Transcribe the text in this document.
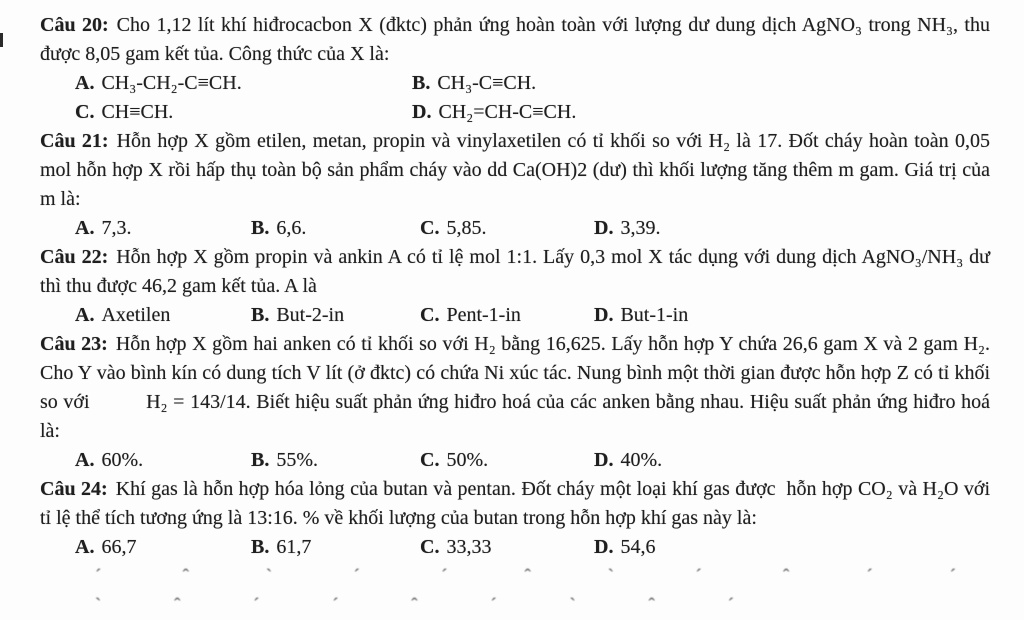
Câu 20: Cho 1,12 lít khí hiđrocacbon X (đktc) phản ứng hoàn toàn với lượng dư dung dịch AgNO₃ trong NH₃, thu được 8,05 gam kết tủa. Công thức của X là:

A. CH₃-CH₂-C≡CH.	B. CH₃-C≡CH.
C. CH≡CH.	D. CH₂=CH-C≡CH.

Câu 21: Hỗn hợp X gồm etilen, metan, propin và vinylaxetilen có tỉ khối so với H₂ là 17. Đốt cháy hoàn toàn 0,05 mol hỗn hợp X rồi hấp thụ toàn bộ sản phẩm cháy vào dd Ca(OH)2 (dư) thì khối lượng tăng thêm m gam. Giá trị của m là:

A. 7,3.	B. 6,6.	C. 5,85.	D. 3,39.

Câu 22: Hỗn hợp X gồm propin và ankin A có tỉ lệ mol 1:1. Lấy 0,3 mol X tác dụng với dung dịch AgNO₃/NH₃ dư thì thu được 46,2 gam kết tủa. A là

A. Axetilen	B. But-2-in	C. Pent-1-in	D. But-1-in

Câu 23: Hỗn hợp X gồm hai anken có tỉ khối so với H₂ bằng 16,625. Lấy hỗn hợp Y chứa 26,6 gam X và 2 gam H₂. Cho Y vào bình kín có dung tích V lít (ở đktc) có chứa Ni xúc tác. Nung bình một thời gian được hỗn hợp Z có tỉ khối so với          H₂ = 143/14. Biết hiệu suất phản ứng hiđro hoá của các anken bằng nhau. Hiệu suất phản ứng hiđro hoá là:

A. 60%.	B. 55%.	C. 50%.	D. 40%.

Câu 24: Khí gas là hỗn hợp hóa lỏng của butan và pentan. Đốt cháy một loại khí gas được  hỗn hợp CO₂ và H₂O với tỉ lệ thể tích tương ứng là 13:16. % về khối lượng của butan trong hỗn hợp khí gas này là:

A. 66,7	B. 61,7	C. 33,33	D. 54,6
ˊ ˆ ˋ ˊ ´ ˆ ˋ ˊ ˆ ´ ˊ ˋ ˆ ˊ ´ ˆ ˊ ˋ ˆ ˊ
